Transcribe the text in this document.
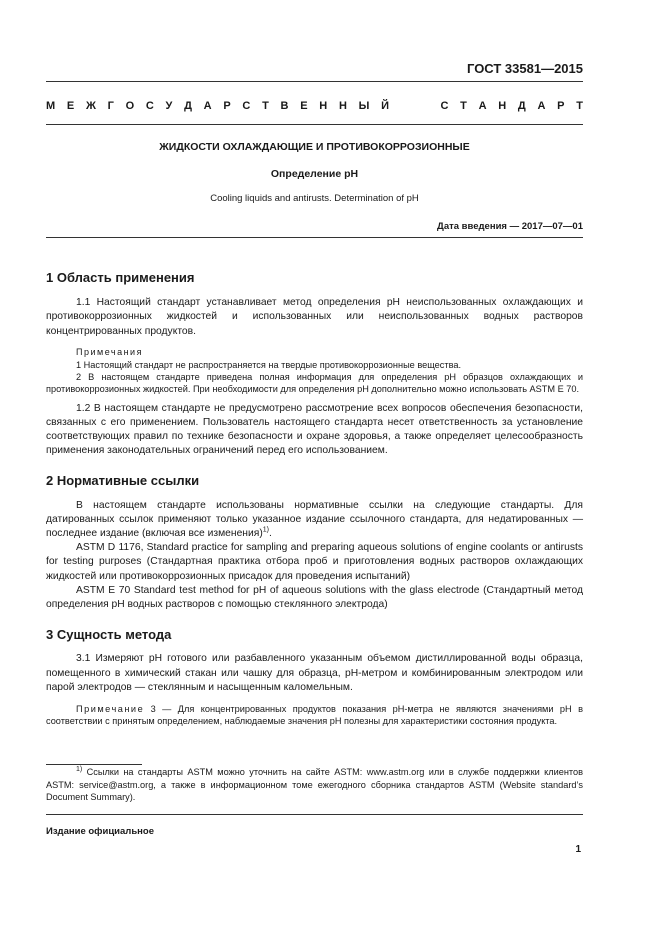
ГОСТ 33581—2015
М Е Ж Г О С У Д А Р С Т В Е Н Н Ы Й	С Т А Н Д А Р Т
ЖИДКОСТИ ОХЛАЖДАЮЩИЕ И ПРОТИВОКОРРОЗИОННЫЕ
Определение pH
Cooling liquids and antirusts. Determination of pH
Дата введения — 2017—07—01
1 Область применения

1.1 Настоящий стандарт устанавливает метод определения pH неиспользованных охлаждающих и противокоррозионных жидкостей и использованных или неиспользованных водных растворов концентрированных продуктов.

Примечания
1 Настоящий стандарт не распространяется на твердые противокоррозионные вещества.
2 В настоящем стандарте приведена полная информация для определения pH образцов охлаждающих и противокоррозионных жидкостей. При необходимости для определения pH дополнительно можно использовать ASTM E 70.

1.2 В настоящем стандарте не предусмотрено рассмотрение всех вопросов обеспечения безопасности, связанных с его применением. Пользователь настоящего стандарта несет ответственность за установление соответствующих правил по технике безопасности и охране здоровья, а также определяет целесообразность применения законодательных ограничений перед его использованием.

2 Нормативные ссылки

В настоящем стандарте использованы нормативные ссылки на следующие стандарты. Для датированных ссылок применяют только указанное издание ссылочного стандарта, для недатированных — последнее издание (включая все изменения)$^{1)}$.

ASTM D 1176, Standard practice for sampling and preparing aqueous solutions of engine coolants or antirusts for testing purposes (Стандартная практика отбора проб и приготовления водных растворов охлаждающих жидкостей или противокоррозионных присадок для проведения испытаний)

ASTM E 70 Standard test method for pH of aqueous solutions with the glass electrode (Стандартный метод определения pH водных растворов с помощью стеклянного электрода)

3 Сущность метода

3.1 Измеряют pH готового или разбавленного указанным объемом дистиллированной воды образца, помещенного в химический стакан или чашку для образца, pH-метром и комбинированным электродом или парой электродов — стеклянным и насыщенным каломельным.

Примечание 3 — Для концентрированных продуктов показания pH-метра не являются значениями pH в соответствии с принятым определением, наблюдаемые значения pH полезны для характеристики состояния продукта.
$^{1)}$ Ссылки на стандарты ASTM можно уточнить на сайте ASTM: www.astm.org или в службе поддержки клиентов ASTM: service@astm.org, а также в информационном томе ежегодного сборника стандартов ASTM (Website standard’s Document Summary).
Издание официальное
1
